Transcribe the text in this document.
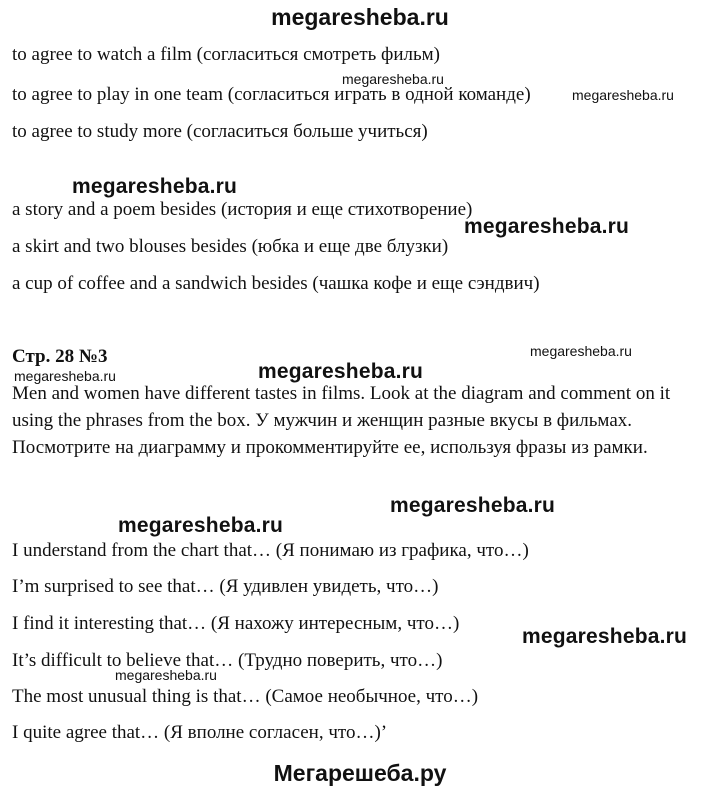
megaresheba.ru
to agree to watch a film (согласиться смотреть фильм)
to agree to play in one team (согласиться играть в одной команде)
to agree to study more (согласиться больше учиться)
a story and a poem besides (история и еще стихотворение)
a skirt and two blouses besides (юбка и еще две блузки)
a cup of coffee and a sandwich besides (чашка кофе и еще сэндвич)
Стр. 28 №3
Men and women have different tastes in films. Look at the diagram and comment on it using the phrases from the box. У мужчин и женщин разные вкусы в фильмах. Посмотрите на диаграмму и прокомментируйте ее, используя фразы из рамки.
I understand from the chart that… (Я понимаю из графика, что…)
I’m surprised to see that… (Я удивлен увидеть, что…)
I find it interesting that… (Я нахожу интересным, что…)
It’s difficult to believe that… (Трудно поверить, что…)
The most unusual thing is that… (Самое необычное, что…)
I quite agree that… (Я вполне согласен, что…)’
megaresheba.ru
megaresheba.ru
megaresheba.ru
megaresheba.ru
megaresheba.ru
megaresheba.ru	megaresheba.ru
megaresheba.ru
megaresheba.ru
megaresheba.ru
megaresheba.ru
Мегарешеба.ру
